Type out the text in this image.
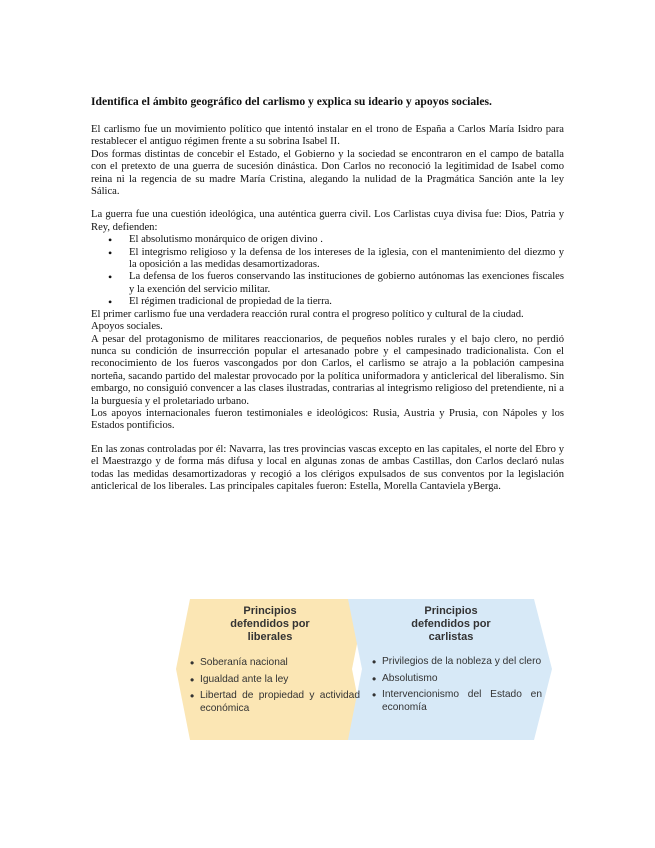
Identifica el ámbito geográfico del carlismo y explica su ideario y apoyos sociales.

El carlismo fue un movimiento político que intentó instalar en el trono de España a Carlos María Isidro para restablecer el antiguo régimen frente a su sobrina Isabel II.

Dos formas distintas de concebir el Estado, el Gobierno y la sociedad se encontraron en el campo de batalla con el pretexto de una guerra de sucesión dinástica. Don Carlos no reconoció la legitimidad de Isabel como reina ni la regencia de su madre María Cristina, alegando la nulidad de la Pragmática Sanción ante la ley Sálica.

La guerra fue una cuestión ideológica, una auténtica guerra civil. Los Carlistas cuya divisa fue: Dios, Patria y Rey, defienden:

• El absolutismo monárquico de origen divino .
• El integrismo religioso y la defensa de los intereses de la iglesia, con el mantenimiento del diezmo y la oposición a las medidas desamortizadoras.
• La defensa de los fueros conservando las instituciones de gobierno autónomas las exenciones fiscales y la exención del servicio militar.
• El régimen tradicional de propiedad de la tierra.

El primer carlismo fue una verdadera reacción rural contra el progreso político y cultural de la ciudad.

Apoyos sociales.

A pesar del protagonismo de militares reaccionarios, de pequeños nobles rurales y el bajo clero, no perdió nunca su condición de insurrección popular el artesanado pobre y el campesinado tradicionalista. Con el reconocimiento de los fueros vascongados por don Carlos, el carlismo se atrajo a la población campesina norteña, sacando partido del malestar provocado por la política uniformadora y anticlerical del liberalismo. Sin embargo, no consiguió convencer a las clases ilustradas, contrarias al integrismo religioso del pretendiente, ni a la burguesía y el proletariado urbano.

Los apoyos internacionales fueron testimoniales e ideológicos: Rusia, Austria y Prusia, con Nápoles y los Estados pontificios.

En las zonas controladas por él: Navarra, las tres provincias vascas excepto en las capitales, el norte del Ebro y el Maestrazgo y de forma más difusa y local en algunas zonas de ambas Castillas, don Carlos declaró nulas todas las medidas desamortizadoras y recogió a los clérigos expulsados de sus conventos por la legislación anticlerical de los liberales. Las principales capitales fueron: Estella, Morella Cantaviela yBerga.

Principios
defendidos por
liberales
• Soberanía nacional
• Igualdad ante la ley
• Libertad de propiedad y actividad económica
Principios
defendidos por
carlistas
• Privilegios de la nobleza y del clero
• Absolutismo
• Intervencionismo del Estado en economía
